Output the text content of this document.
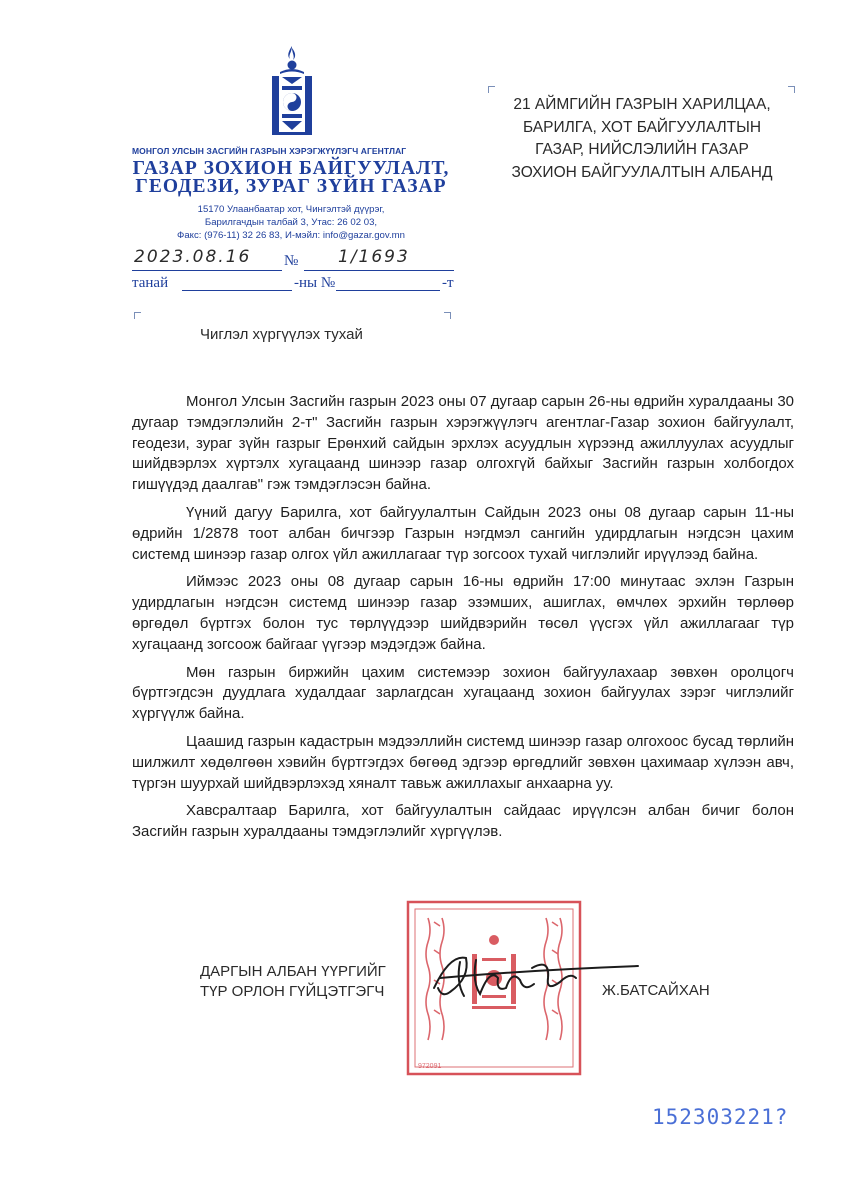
МОНГОЛ УЛСЫН ЗАСГИЙН ГАЗРЫН ХЭРЭГЖҮҮЛЭГЧ АГЕНТЛАГ
ГАЗАР ЗОХИОН БАЙГУУЛАЛТ,
ГЕОДЕЗИ, ЗУРАГ ЗҮЙН ГАЗАР
15170 Улаанбаатар хот, Чингэлтэй дүүрэг,
Барилгачдын талбай 3, Утас: 26 02 03,
Факс: (976-11) 32 26 83, И-мэйл: info@gazar.gov.mn
2023.08.16 № 1/1693
танай	-ны №	-т
21 АЙМГИЙН ГАЗРЫН ХАРИЛЦАА,
БАРИЛГА, ХОТ БАЙГУУЛАЛТЫН
ГАЗАР, НИЙСЛЭЛИЙН ГАЗАР
ЗОХИОН БАЙГУУЛАЛТЫН АЛБАНД
Чиглэл хүргүүлэх тухай

Монгол Улсын Засгийн газрын 2023 оны 07 дугаар сарын 26-ны өдрийн хуралдааны 30 дугаар тэмдэглэлийн 2-т" Засгийн газрын хэрэгжүүлэгч агентлаг-Газар зохион байгуулалт, геодези, зураг зүйн газрыг Ерөнхий сайдын эрхлэх асуудлын хүрээнд ажиллуулах асуудлыг шийдвэрлэх хүртэлх хугацаанд шинээр газар олгохгүй байхыг Засгийн газрын холбогдох гишүүдэд даалгав" гэж тэмдэглэсэн байна.

Үүний дагуу Барилга, хот байгуулалтын Сайдын 2023 оны 08 дугаар сарын 11-ны өдрийн 1/2878 тоот албан бичгээр Газрын нэгдмэл сангийн удирдлагын нэгдсэн цахим системд шинээр газар олгох үйл ажиллагааг түр зогсоох тухай чиглэлийг ирүүлээд байна.

Иймээс 2023 оны 08 дугаар сарын 16-ны өдрийн 17:00 минутаас эхлэн Газрын удирдлагын нэгдсэн системд шинээр газар эзэмших, ашиглах, өмчлөх эрхийн төрлөөр өргөдөл бүртгэх болон тус төрлүүдээр шийдвэрийн төсөл үүсгэх үйл ажиллагааг түр хугацаанд зогсоож байгааг үүгээр мэдэгдэж байна.

Мөн газрын биржийн цахим системээр зохион байгуулахаар зөвхөн оролцогч бүртгэгдсэн дуудлага худалдааг зарлагдсан хугацаанд зохион байгуулах зэрэг чиглэлийг хүргүүлж байна.

Цаашид газрын кадастрын мэдээллийн системд шинээр газар олгохоос бусад төрлийн шилжилт хөдөлгөөн хэвийн бүртгэгдэх бөгөөд эдгээр өргөдлийг зөвхөн цахимаар хүлээн авч, түргэн шуурхай шийдвэрлэхэд хяналт тавьж ажиллахыг анхаарна уу.

Хавсралтаар Барилга, хот байгуулалтын сайдаас ирүүлсэн албан бичиг болон Засгийн газрын хуралдааны тэмдэглэлийг хүргүүлэв.

972091
ДАРГЫН АЛБАН ҮҮРГИЙГ
ТҮР ОРЛОН ГҮЙЦЭТГЭГЧ	Ж.БАТСАЙХАН
152303221?
